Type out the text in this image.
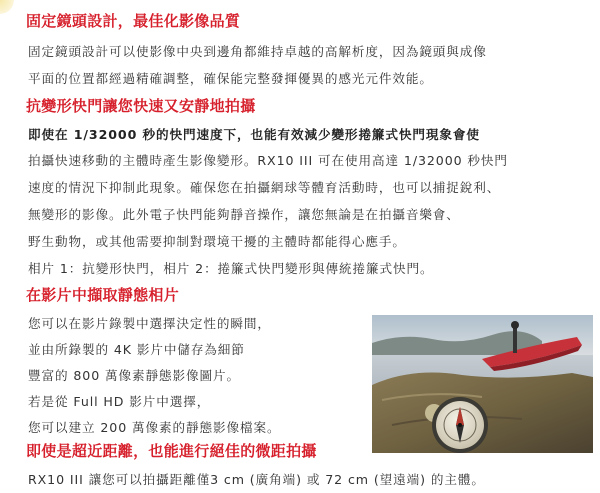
固定鏡頭設計，最佳化影像品質

固定鏡頭設計可以使影像中央到邊角都維持卓越的高解析度，因為鏡頭與成像

平面的位置都經過精確調整，確保能完整發揮優異的感光元件效能。

抗變形快門讓您快速又安靜地拍攝

即使在 1/32000 秒的快門速度下，也能有效減少變形捲簾式快門現象會使

拍攝快速移動的主體時產生影像變形。RX10 III 可在使用高達 1/32000 秒快門

速度的情況下抑制此現象。確保您在拍攝網球等體育活動時，也可以捕捉銳利、

無變形的影像。此外電子快門能夠靜音操作，讓您無論是在拍攝音樂會、

野生動物，或其他需要抑制對環境干擾的主體時都能得心應手。

相片 1：抗變形快門，相片 2：捲簾式快門變形與傳統捲簾式快門。

在影片中擷取靜態相片

您可以在影片錄製中選擇決定性的瞬間，

並由所錄製的 4K 影片中儲存為細節

豐富的 800 萬像素靜態影像圖片。

若是從 Full HD 影片中選擇，

您可以建立 200 萬像素的靜態影像檔案。

即使是超近距離，也能進行絕佳的微距拍攝

RX10 III 讓您可以拍攝距離僅3 cm (廣角端) 或 72 cm (望遠端) 的主體。
